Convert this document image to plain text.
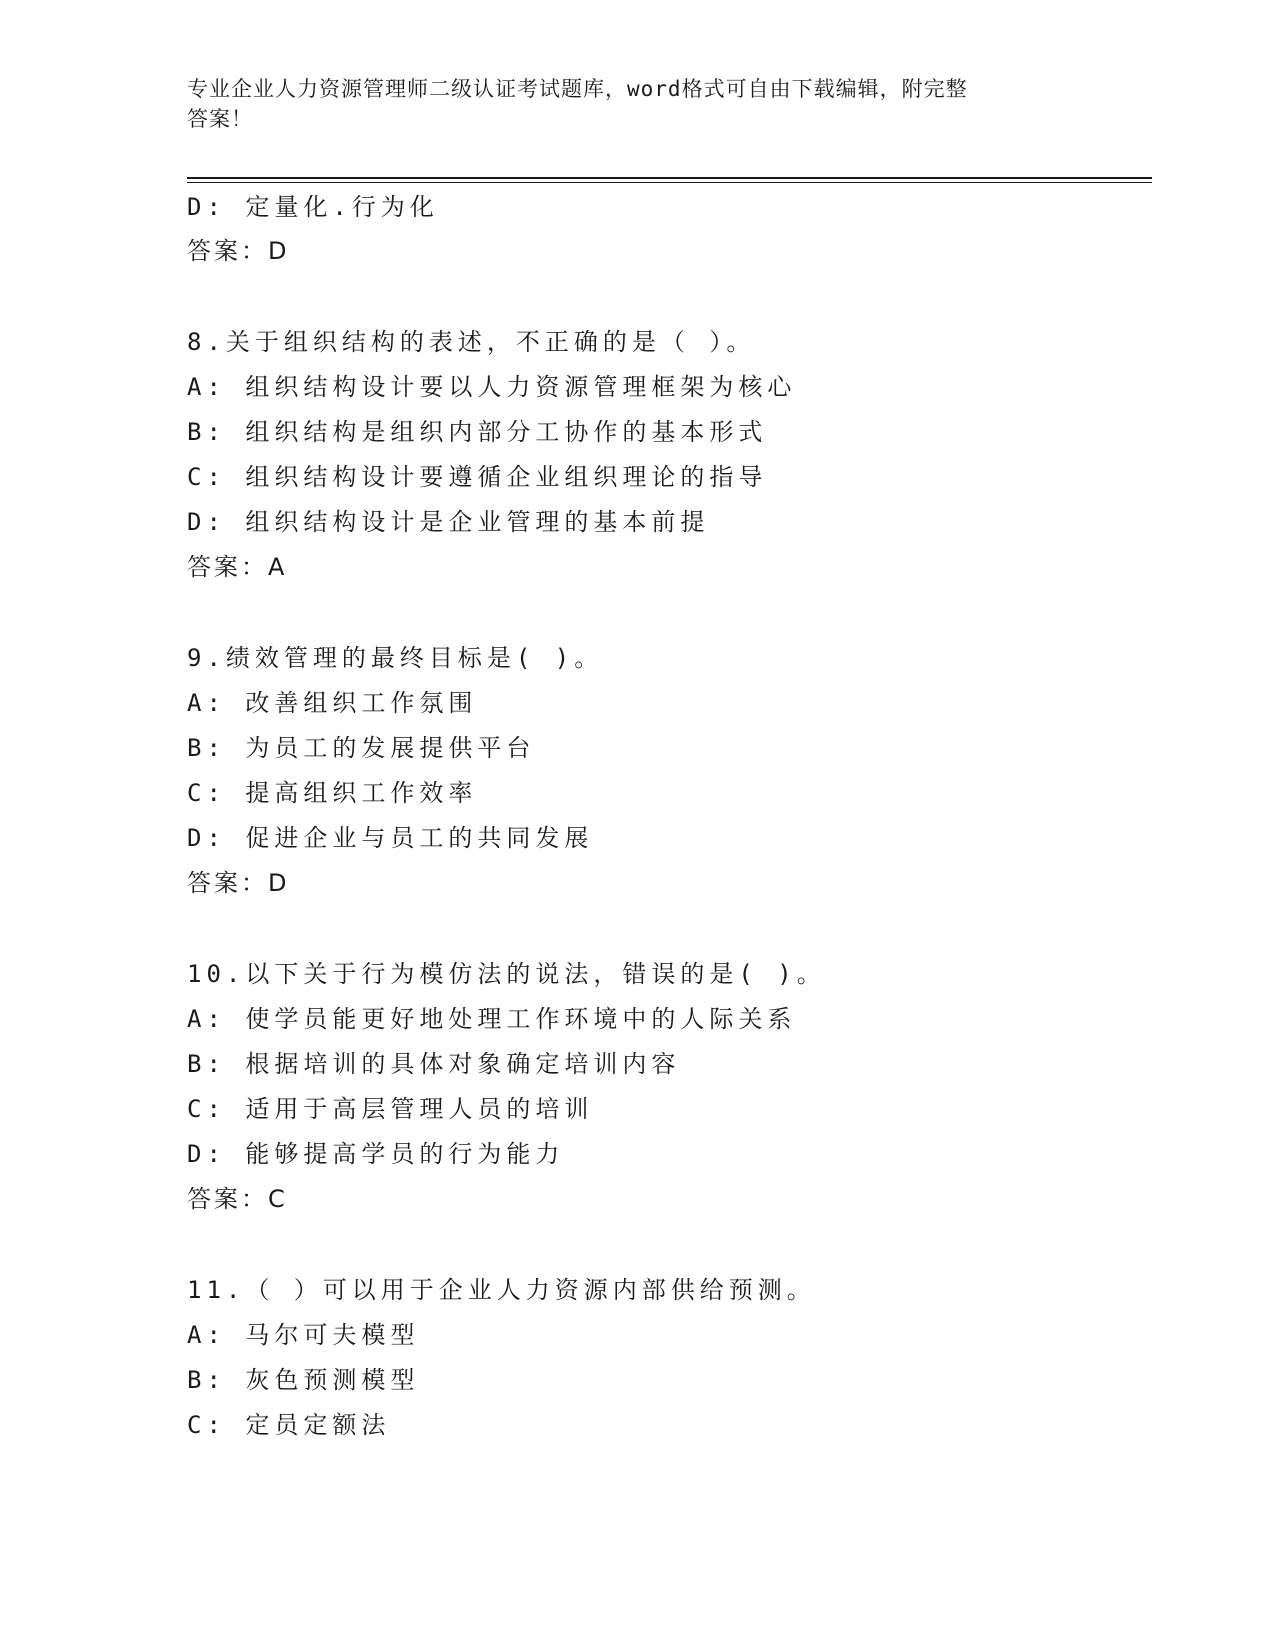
专业企业人力资源管理师二级认证考试题库，word格式可自由下载编辑，附完整
答案！
D: 定量化.行为化
答案：D
8.关于组织结构的表述，不正确的是（ ）。
A: 组织结构设计要以人力资源管理框架为核心
B: 组织结构是组织内部分工协作的基本形式
C: 组织结构设计要遵循企业组织理论的指导
D: 组织结构设计是企业管理的基本前提
答案：A
9.绩效管理的最终目标是( )。
A: 改善组织工作氛围
B: 为员工的发展提供平台
C: 提高组织工作效率
D: 促进企业与员工的共同发展
答案：D
10.以下关于行为模仿法的说法，错误的是( )。
A: 使学员能更好地处理工作环境中的人际关系
B: 根据培训的具体对象确定培训内容
C: 适用于高层管理人员的培训
D: 能够提高学员的行为能力
答案：C
11.（ ）可以用于企业人力资源内部供给预测。
A: 马尔可夫模型
B: 灰色预测模型
C: 定员定额法
